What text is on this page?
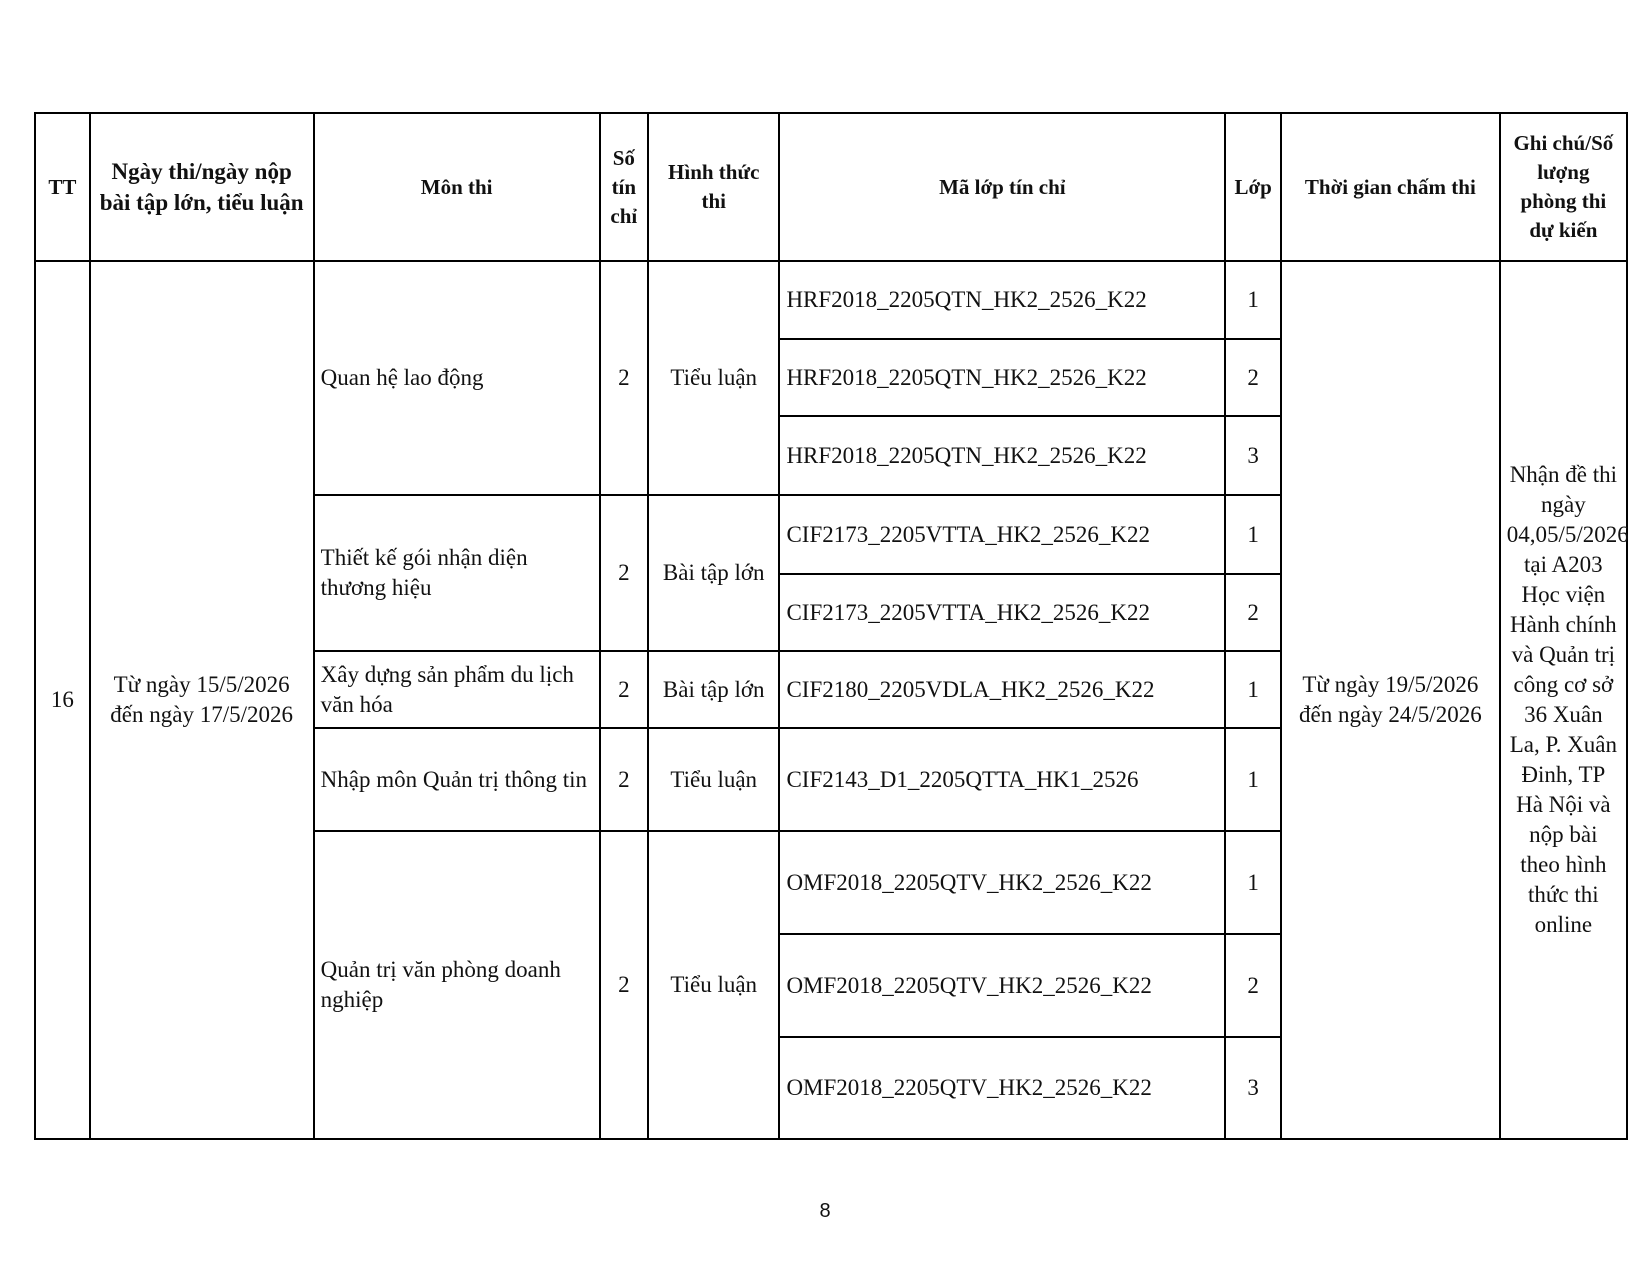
TT	Ngày thi/ngày nộp bài tập lớn, tiểu luận	Môn thi	Số tín chỉ	Hình thức thi	Mã lớp tín chỉ	Lớp	Thời gian chấm thi	Ghi chú/Số lượng phòng thi dự kiến
16	Từ ngày 15/5/2026 đến ngày 17/5/2026	Quan hệ lao động	2	Tiểu luận	HRF2018_2205QTN_HK2_2526_K22	1	Từ ngày 19/5/2026 đến ngày 24/5/2026	Nhận đề thi ngày 04,05/5/2026 tại A203 Học viện Hành chính và Quản trị công cơ sở 36 Xuân La, P. Xuân Đinh, TP Hà Nội và nộp bài theo hình thức thi online
					HRF2018_2205QTN_HK2_2526_K22	2		
					HRF2018_2205QTN_HK2_2526_K22	3		
		Thiết kế gói nhận diện thương hiệu	2	Bài tập lớn	CIF2173_2205VTTA_HK2_2526_K22	1		
					CIF2173_2205VTTA_HK2_2526_K22	2		
		Xây dựng sản phẩm du lịch văn hóa	2	Bài tập lớn	CIF2180_2205VDLA_HK2_2526_K22	1		
		Nhập môn Quản trị thông tin	2	Tiểu luận	CIF2143_D1_2205QTTA_HK1_2526	1		
		Quản trị văn phòng doanh nghiệp	2	Tiểu luận	OMF2018_2205QTV_HK2_2526_K22	1		
					OMF2018_2205QTV_HK2_2526_K22	2		
					OMF2018_2205QTV_HK2_2526_K22	3		
8
